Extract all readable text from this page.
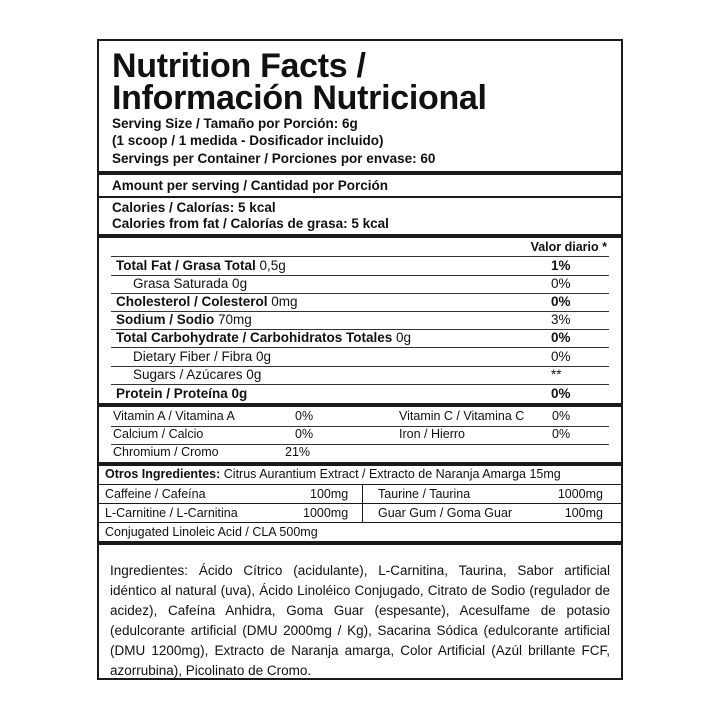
Nutrition Facts /
Información Nutricional
Serving Size / Tamaño por Porción: 6g
(1 scoop / 1 medida - Dosificador incluido)
Servings per Container / Porciones por envase: 60
Amount per serving / Cantidad por Porción
Calories / Calorías: 5 kcal
Calories from fat / Calorías de grasa: 5 kcal
Valor diario *
Total Fat / Grasa Total 0,5g	1%
Grasa Saturada 0g	0%
Cholesterol / Colesterol 0mg	0%
Sodium / Sodio 70mg	3%
Total Carbohydrate / Carbohidratos Totales 0g	0%
Dietary Fiber / Fibra 0g	0%
Sugars / Azúcares 0g	**
Protein / Proteína 0g	0%
Vitamin A / Vitamina A	0%	Vitamin C / Vitamina C 0%
Calcium / Calcio	0%	Iron / Hierro	0%
Chromium / Cromo	21%
Otros Ingredientes: Citrus Aurantium Extract / Extracto de Naranja Amarga 15mg
Caffeine / Cafeína	100mg Taurine / Taurina	1000mg
L-Carnitine / L-Carnitina	1000mg Guar Gum / Goma Guar	100mg
Conjugated Linoleic Acid / CLA 500mg
Ingredientes: Ácido Cítrico (acidulante), L-Carnitina, Taurina, Sabor artificial idéntico al natural (uva), Ácido Linoléico Conjugado, Citrato de Sodio (regulador de acidez), Cafeína Anhidra, Goma Guar (espesante), Acesulfame de potasio (edulcorante artificial (DMU 2000mg / Kg), Sacarina Sódica (edulcorante artificial (DMU 1200mg), Extracto de Naranja amarga, Color Artificial (Azúl brillante FCF, azorrubina), Picolinato de Cromo.
